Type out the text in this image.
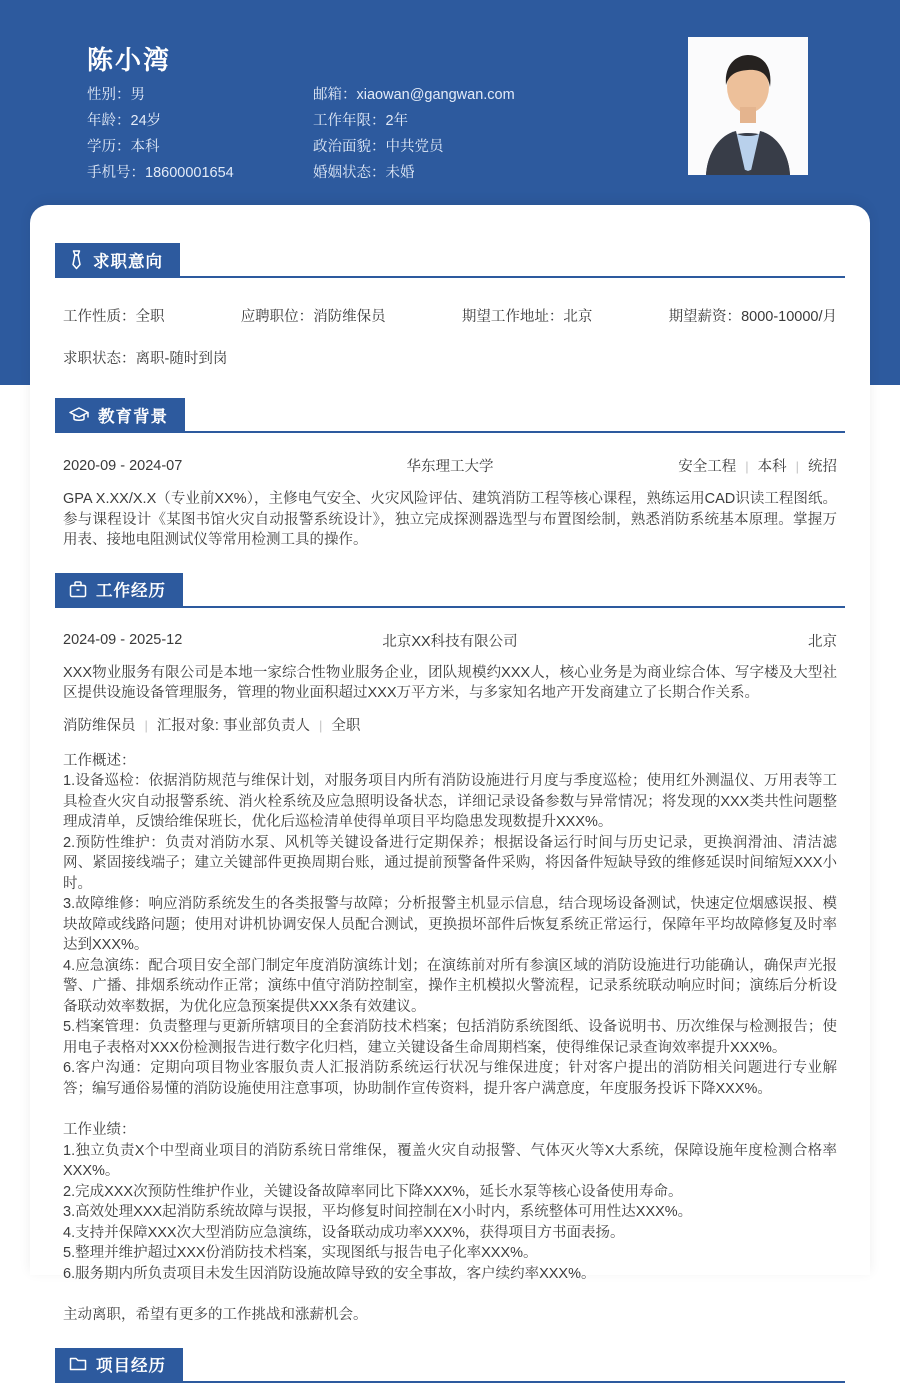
陈小湾
性别：男
年龄：24岁
学历：本科
手机号：18600001654
邮箱：xiaowan@gangwan.com
工作年限：2年
政治面貌：中共党员
婚姻状态：未婚
求职意向
工作性质：全职	应聘职位：消防维保员	期望工作地址：北京	期望薪资：8000-10000/月
求职状态：离职-随时到岗
教育背景
2020-09 - 2024-07	华东理工大学	安全工程 | 本科 | 统招
GPA X.XX/X.X（专业前XX%），主修电气安全、火灾风险评估、建筑消防工程等核心课程，熟练运用CAD识读工程图纸。参与课程设计《某图书馆火灾自动报警系统设计》，独立完成探测器选型与布置图绘制，熟悉消防系统基本原理。掌握万用表、接地电阻测试仪等常用检测工具的操作。
工作经历
2024-09 - 2025-12	北京XX科技有限公司	北京
XXX物业服务有限公司是本地一家综合性物业服务企业，团队规模约XXX人，核心业务是为商业综合体、写字楼及大型社区提供设施设备管理服务，管理的物业面积超过XXX万平方米，与多家知名地产开发商建立了长期合作关系。
消防维保员 | 汇报对象: 事业部负责人 | 全职
工作概述：
1.设备巡检：依据消防规范与维保计划，对服务项目内所有消防设施进行月度与季度巡检；使用红外测温仪、万用表等工具检查火灾自动报警系统、消火栓系统及应急照明设备状态，详细记录设备参数与异常情况；将发现的XXX类共性问题整理成清单，反馈给维保班长，优化后巡检清单使得单项目平均隐患发现数提升XXX%。
2.预防性维护：负责对消防水泵、风机等关键设备进行定期保养；根据设备运行时间与历史记录，更换润滑油、清洁滤网、紧固接线端子；建立关键部件更换周期台账，通过提前预警备件采购，将因备件短缺导致的维修延误时间缩短XXX小时。
3.故障维修：响应消防系统发生的各类报警与故障；分析报警主机显示信息，结合现场设备测试，快速定位烟感误报、模块故障或线路问题；使用对讲机协调安保人员配合测试，更换损坏部件后恢复系统正常运行，保障年平均故障修复及时率达到XXX%。
4.应急演练：配合项目安全部门制定年度消防演练计划；在演练前对所有参演区域的消防设施进行功能确认，确保声光报警、广播、排烟系统动作正常；演练中值守消防控制室，操作主机模拟火警流程，记录系统联动响应时间；演练后分析设备联动效率数据，为优化应急预案提供XXX条有效建议。
5.档案管理：负责整理与更新所辖项目的全套消防技术档案；包括消防系统图纸、设备说明书、历次维保与检测报告；使用电子表格对XXX份检测报告进行数字化归档，建立关键设备生命周期档案，使得维保记录查询效率提升XXX%。
6.客户沟通：定期向项目物业客服负责人汇报消防系统运行状况与维保进度；针对客户提出的消防相关问题进行专业解答；编写通俗易懂的消防设施使用注意事项，协助制作宣传资料，提升客户满意度，年度服务投诉下降XXX%。
工作业绩：
1.独立负责X个中型商业项目的消防系统日常维保，覆盖火灾自动报警、气体灭火等X大系统，保障设施年度检测合格率XXX%。
2.完成XXX次预防性维护作业，关键设备故障率同比下降XXX%，延长水泵等核心设备使用寿命。
3.高效处理XXX起消防系统故障与误报，平均修复时间控制在X小时内，系统整体可用性达XXX%。
4.支持并保障XXX次大型消防应急演练，设备联动成功率XXX%，获得项目方书面表扬。
5.整理并维护超过XXX份消防技术档案，实现图纸与报告电子化率XXX%。
6.服务期内所负责项目未发生因消防设施故障导致的安全事故，客户续约率XXX%。
主动离职，希望有更多的工作挑战和涨薪机会。
项目经历
